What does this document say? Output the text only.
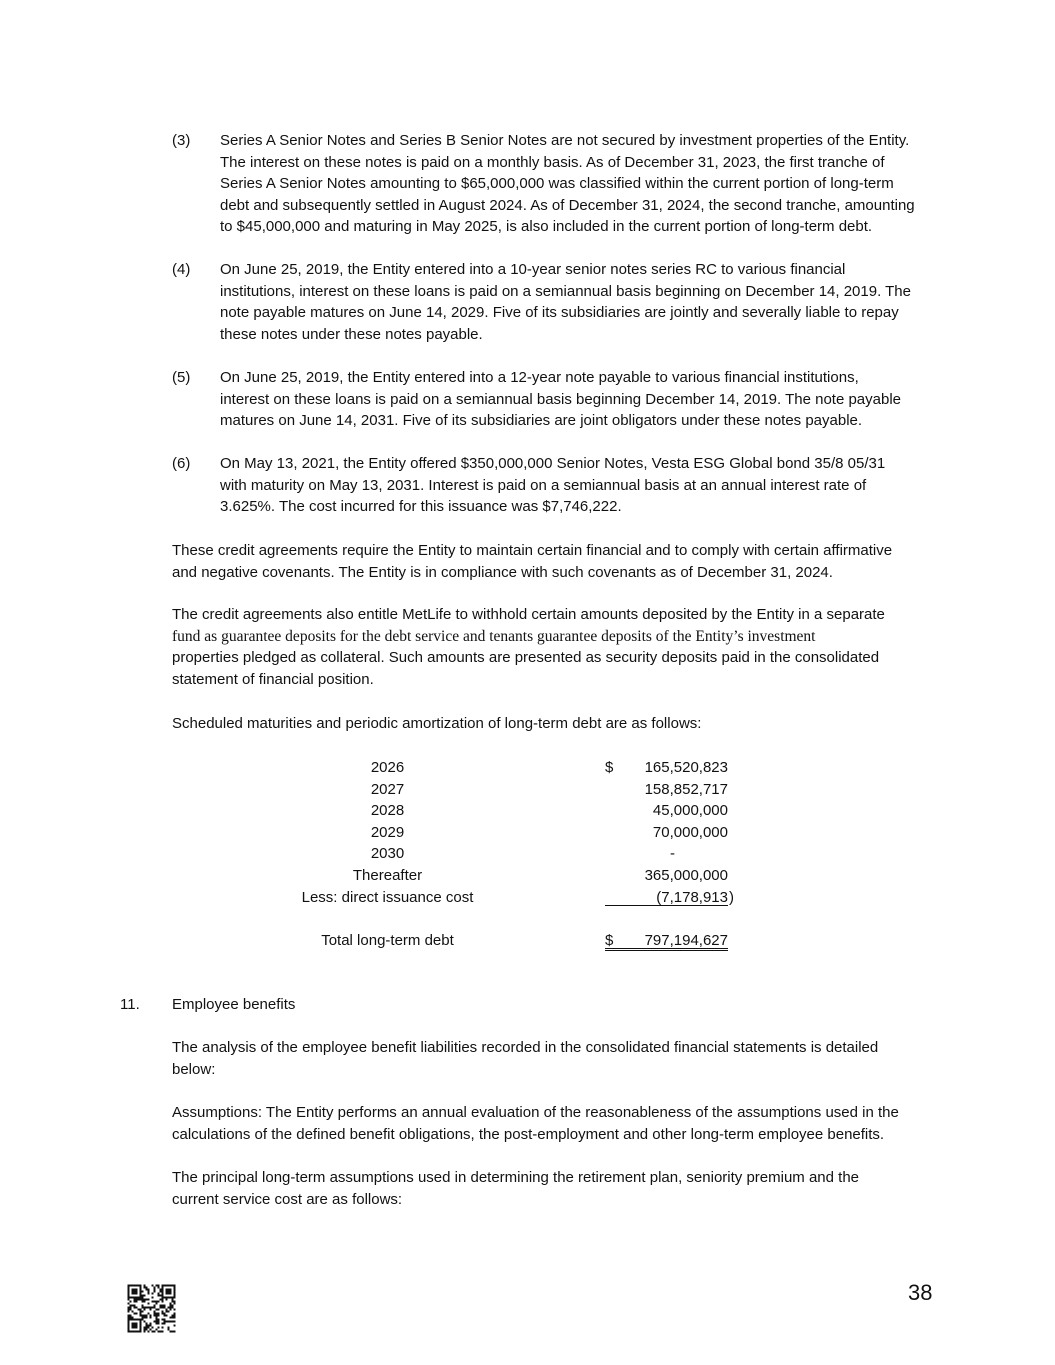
(3)	Series A Senior Notes and Series B Senior Notes are not secured by investment properties of the Entity.
The interest on these notes is paid on a monthly basis. As of December 31, 2023, the first tranche of
Series A Senior Notes amounting to $65,000,000 was classified within the current portion of long-term
debt and subsequently settled in August 2024. As of December 31, 2024, the second tranche, amounting
to $45,000,000 and maturing in May 2025, is also included in the current portion of long-term debt.
(4)	On June 25, 2019, the Entity entered into a 10-year senior notes series RC to various financial
institutions, interest on these loans is paid on a semiannual basis beginning on December 14, 2019. The
note payable matures on June 14, 2029. Five of its subsidiaries are jointly and severally liable to repay
these notes under these notes payable.
(5)	On June 25, 2019, the Entity entered into a 12-year note payable to various financial institutions,
interest on these loans is paid on a semiannual basis beginning December 14, 2019. The note payable
matures on June 14, 2031. Five of its subsidiaries are joint obligators under these notes payable.
(6)	On May 13, 2021, the Entity offered $350,000,000 Senior Notes, Vesta ESG Global bond 35/8 05/31
with maturity on May 13, 2031. Interest is paid on a semiannual basis at an annual interest rate of
3.625%. The cost incurred for this issuance was $7,746,222.
These credit agreements require the Entity to maintain certain financial and to comply with certain affirmative
and negative covenants. The Entity is in compliance with such covenants as of December 31, 2024.
The credit agreements also entitle MetLife to withhold certain amounts deposited by the Entity in a separate
fund as guarantee deposits for the debt service and tenants guarantee deposits of the Entity’s investment
properties pledged as collateral. Such amounts are presented as security deposits paid in the consolidated
statement of financial position.
Scheduled maturities and periodic amortization of long-term debt are as follows:
2026	$ 165,520,823
2027	158,852,717
2028	45,000,000
2029	70,000,000
2030	-
Thereafter	365,000,000
Less: direct issuance cost	(7,178,913 )
Total long-term debt	$ 797,194,627
11. Employee benefits
The analysis of the employee benefit liabilities recorded in the consolidated financial statements is detailed
below:
Assumptions: The Entity performs an annual evaluation of the reasonableness of the assumptions used in the
calculations of the defined benefit obligations, the post-employment and other long-term employee benefits.
The principal long-term assumptions used in determining the retirement plan, seniority premium and the
current service cost are as follows:
38
